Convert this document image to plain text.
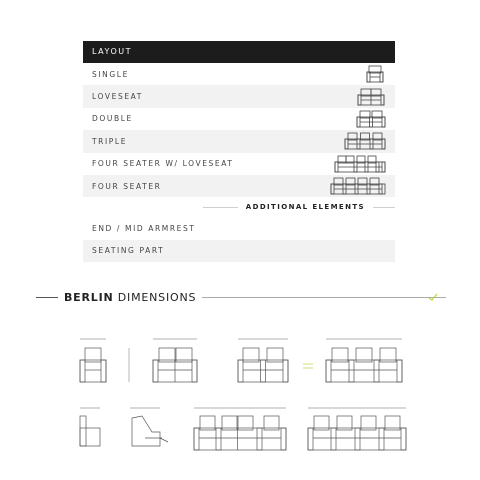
LAYOUT
SINGLE
LOVESEAT
DOUBLE
TRIPLE
FOUR SEATER W/ LOVESEAT
FOUR SEATER
ADDITIONAL ELEMENTS
END / MID ARMREST
SEATING PART
BERLIN DIMENSIONS
